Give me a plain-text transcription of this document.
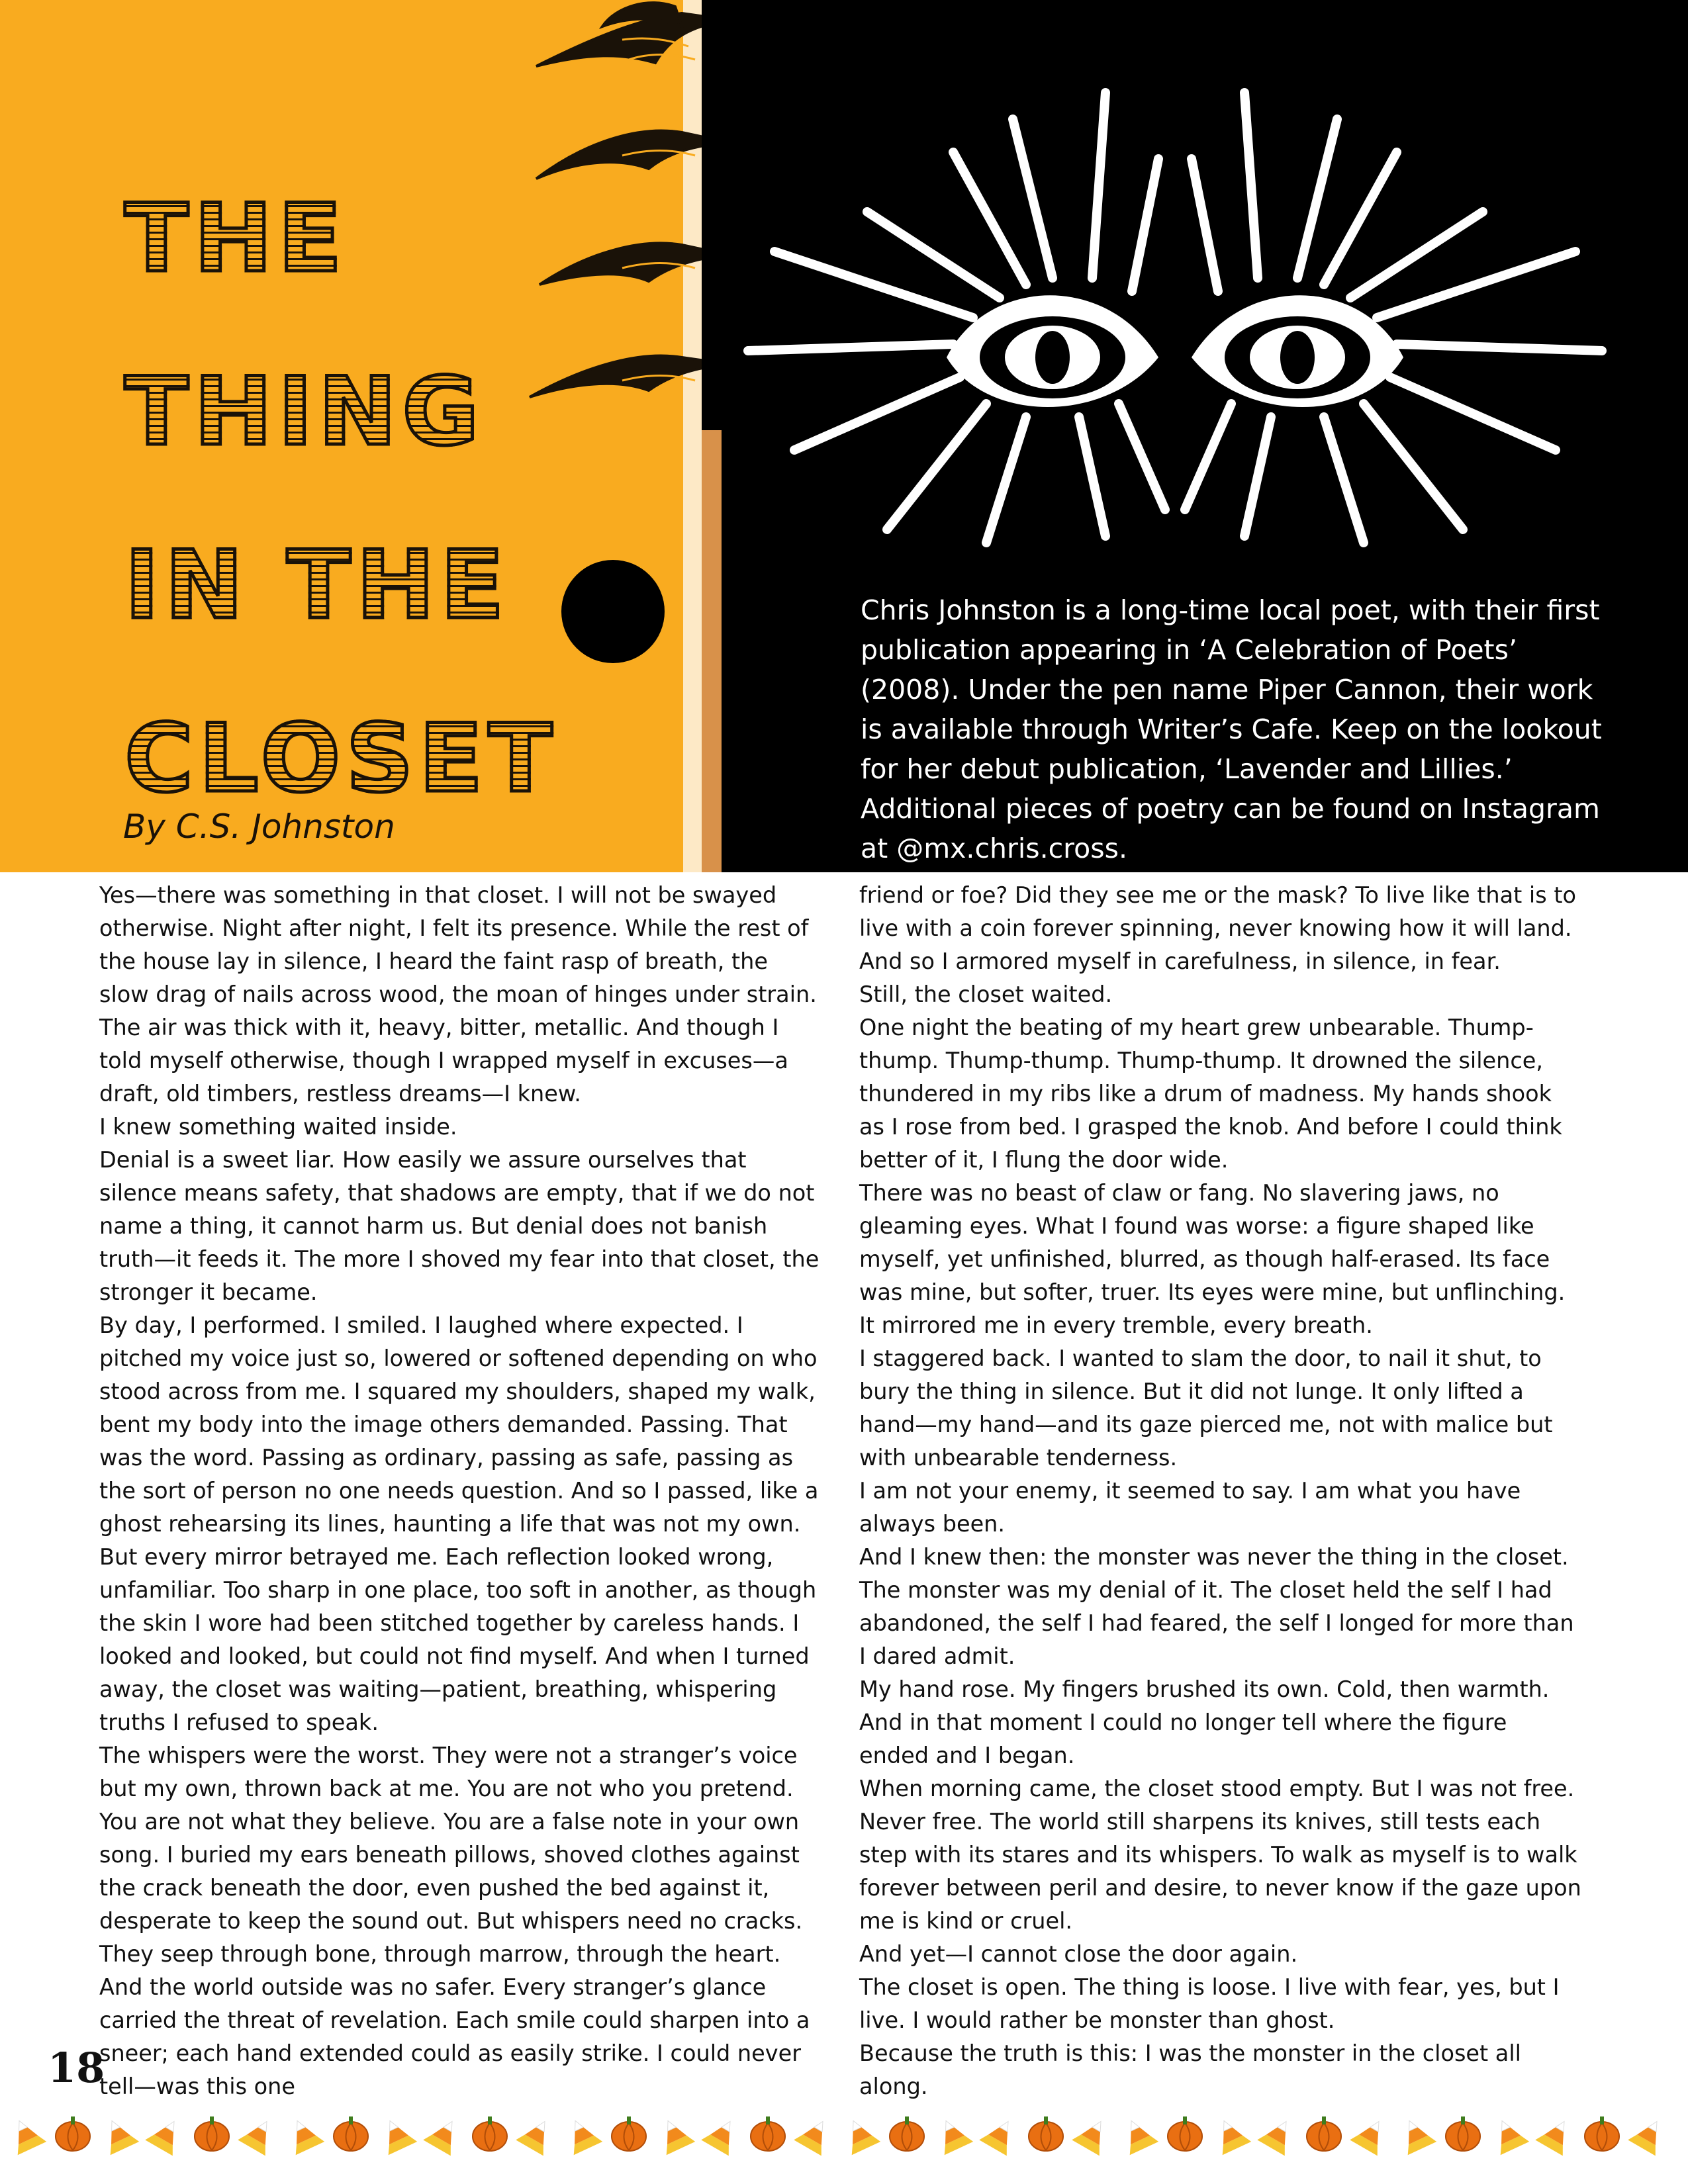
THE
THING
IN THE
CLOSET
By C.S. Johnston

Chris Johnston is a long-time local poet, with their first publication appearing in ‘A Celebration of Poets’ (2008). Under the pen name Piper Cannon, their work is available through Writer’s Cafe. Keep on the lookout for her debut publication, ‘Lavender and Lillies.’ Additional pieces of poetry can be found on Instagram at @mx.chris.cross.

Yes—there was something in that closet. I will not be swayed otherwise. Night after night, I felt its presence. While the rest of the house lay in silence, I heard the faint rasp of breath, the slow drag of nails across wood, the moan of hinges under strain. The air was thick with it, heavy, bitter, metallic. And though I told myself otherwise, though I wrapped myself in excuses—a draft, old timbers, restless dreams—I knew.

I knew something waited inside.

Denial is a sweet liar. How easily we assure ourselves that silence means safety, that shadows are empty, that if we do not name a thing, it cannot harm us. But denial does not banish truth—it feeds it. The more I shoved my fear into that closet, the stronger it became.

By day, I performed. I smiled. I laughed where expected. I pitched my voice just so, lowered or softened depending on who stood across from me. I squared my shoulders, shaped my walk, bent my body into the image others demanded. Passing. That was the word. Passing as ordinary, passing as safe, passing as the sort of person no one needs question. And so I passed, like a ghost rehearsing its lines, haunting a life that was not my own.

But every mirror betrayed me. Each reflection looked wrong, unfamiliar. Too sharp in one place, too soft in another, as though the skin I wore had been stitched together by careless hands. I looked and looked, but could not find myself. And when I turned away, the closet was waiting—patient, breathing, whispering truths I refused to speak.

The whispers were the worst. They were not a stranger’s voice but my own, thrown back at me. You are not who you pretend. You are not what they believe. You are a false note in your own song. I buried my ears beneath pillows, shoved clothes against the crack beneath the door, even pushed the bed against it, desperate to keep the sound out. But whispers need no cracks. They seep through bone, through marrow, through the heart.

And the world outside was no safer. Every stranger’s glance carried the threat of revelation. Each smile could sharpen into a sneer; each hand extended could as easily strike. I could never tell—was this one

friend or foe? Did they see me or the mask? To live like that is to live with a coin forever spinning, never knowing how it will land. And so I armored myself in carefulness, in silence, in fear.

Still, the closet waited.

One night the beating of my heart grew unbearable. Thump-thump. Thump-thump. Thump-thump. It drowned the silence, thundered in my ribs like a drum of madness. My hands shook as I rose from bed. I grasped the knob. And before I could think better of it, I flung the door wide.

There was no beast of claw or fang. No slavering jaws, no gleaming eyes. What I found was worse: a figure shaped like myself, yet unfinished, blurred, as though half-erased. Its face was mine, but softer, truer. Its eyes were mine, but unflinching. It mirrored me in every tremble, every breath.

I staggered back. I wanted to slam the door, to nail it shut, to bury the thing in silence. But it did not lunge. It only lifted a hand—my hand—and its gaze pierced me, not with malice but with unbearable tenderness.

I am not your enemy, it seemed to say. I am what you have always been.

And I knew then: the monster was never the thing in the closet. The monster was my denial of it. The closet held the self I had abandoned, the self I had feared, the self I longed for more than I dared admit.

My hand rose. My fingers brushed its own. Cold, then warmth. And in that moment I could no longer tell where the figure ended and I began.

When morning came, the closet stood empty. But I was not free. Never free. The world still sharpens its knives, still tests each step with its stares and its whispers. To walk as myself is to walk forever between peril and desire, to never know if the gaze upon me is kind or cruel.

And yet—I cannot close the door again.

The closet is open. The thing is loose. I live with fear, yes, but I live. I would rather be monster than ghost.

Because the truth is this: I was the monster in the closet all along.

18
